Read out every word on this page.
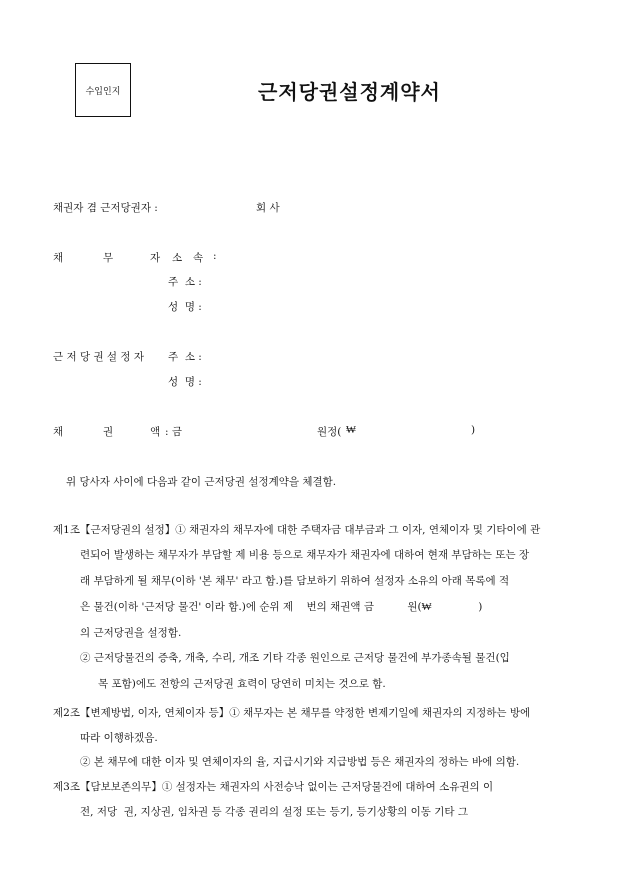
수입인지	근저당권설정계약서
채권자 겸 근저당권자 :	회 사
채	무	자 소 속 :
주  소 :
성  명 :
근 저 당 권 설 정 자 주  소 :
성  명 :
채	권	액 : 금	원정( ₩	)
위 당사자 사이에 다음과 같이 근저당권 설정계약을 체결함.
제1조【근저당권의 설정】① 채권자의 채무자에 대한 주택자금 대부금과 그 이자, 연체이자 및 기타이에 관
련되어 발생하는 채무자가 부담할 제 비용 등으로 채무자가 채권자에 대하여 현재 부담하는 또는 장
래 부담하게 될 채무(이하 '본 채무' 라고 함.)를 담보하기 위하여 설정자 소유의 아래 목록에 적
은 물건(이하 '근저당 물건' 이라 함.)에 순위 제    번의 채권액 금          원(₩              )
의 근저당권을 설정함.
② 근저당물건의 증축, 개축, 수리, 개조 기타 각종 원인으로 근저당 물건에 부가종속될 물건(입
목 포함)에도 전항의 근저당권 효력이 당연히 미치는 것으로 함.
제2조【변제방법, 이자, 연체이자 등】① 채무자는 본 채무를 약정한 변제기일에 채권자의 지정하는 방에
따라 이행하겠음.
② 본 채무에 대한 이자 및 연체이자의 율, 지급시기와 지급방법 등은 채권자의 정하는 바에 의함.
제3조【담보보존의무】① 설정자는 채권자의 사전승낙 없이는 근저당물건에 대하여 소유권의 이
전, 저당  권, 지상권, 임차권 등 각종 권리의 설정 또는 등기, 등기상황의 이동 기타 그
